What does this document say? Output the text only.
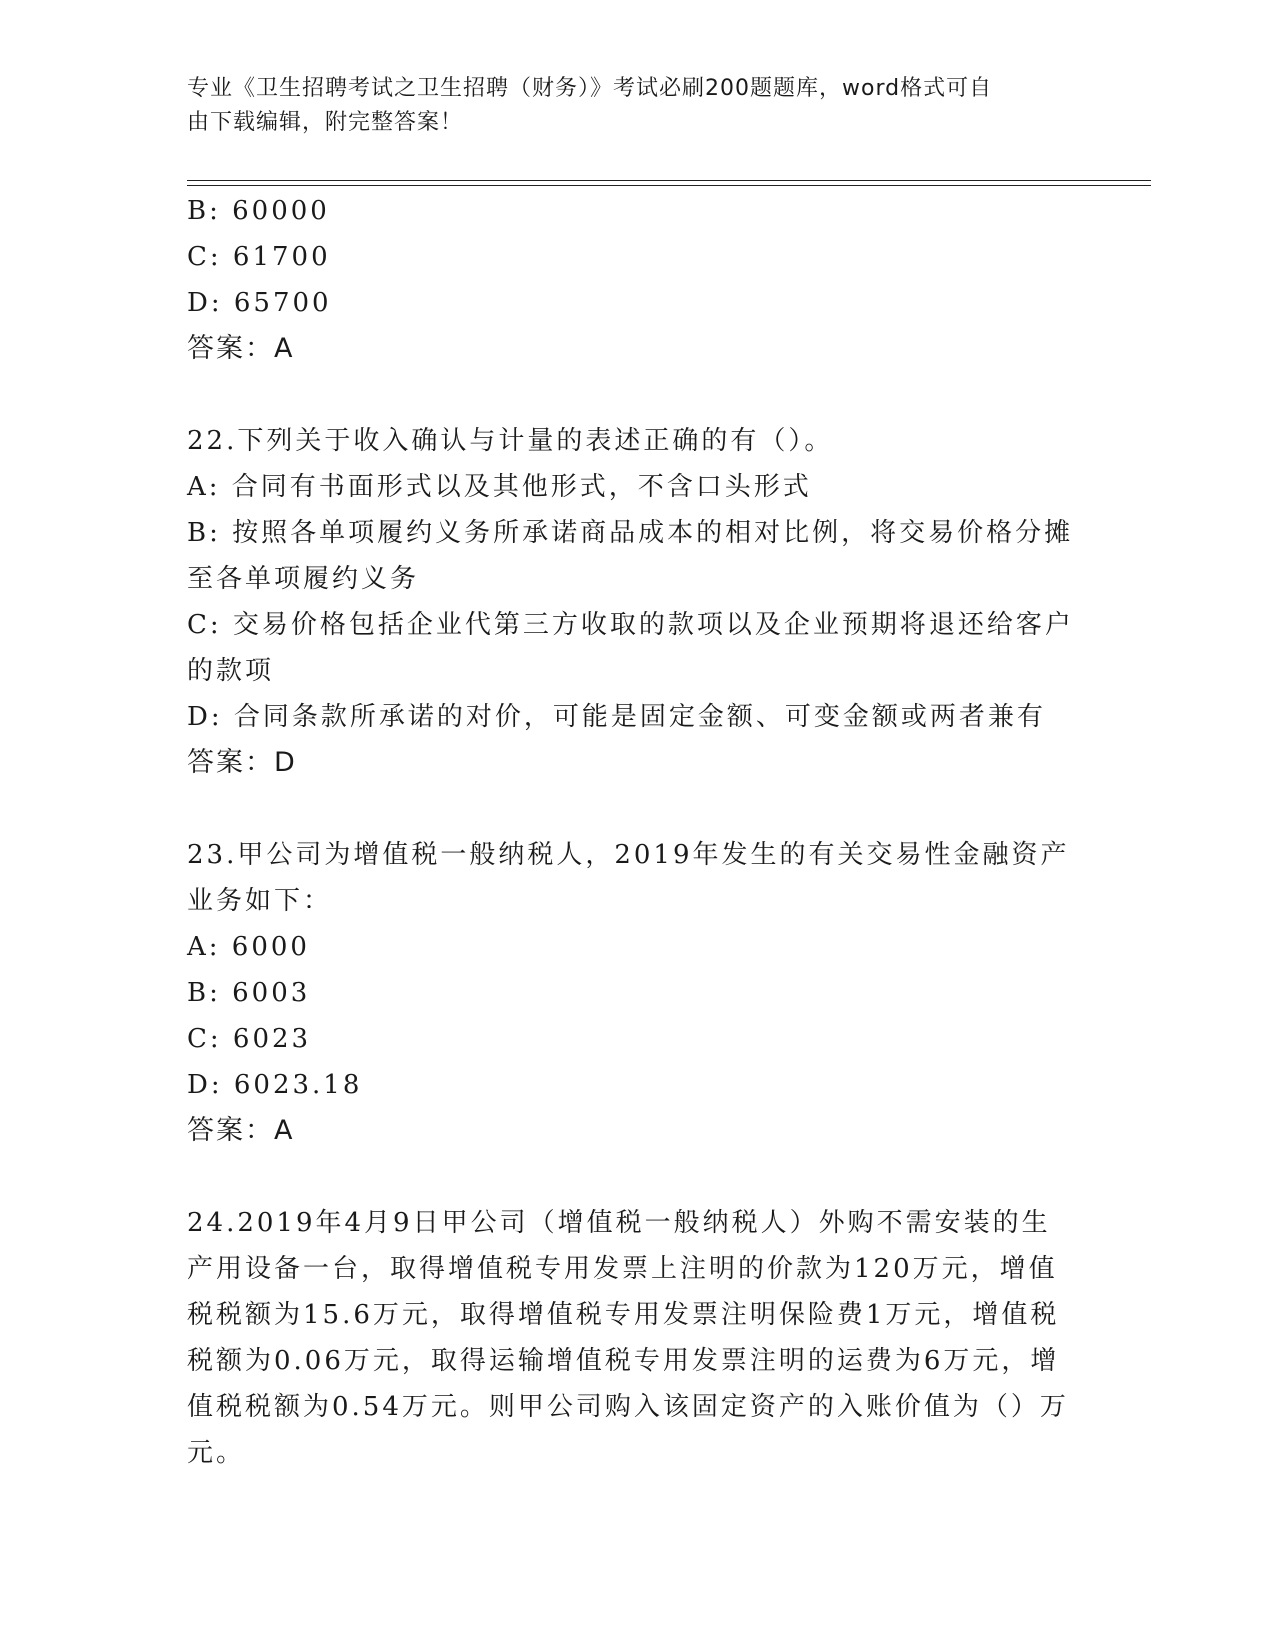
专业《卫生招聘考试之卫生招聘（财务）》考试必刷200题题库，word格式可自
由下载编辑，附完整答案！

B: 60000

C: 61700

D: 65700

答案：A

22.下列关于收入确认与计量的表述正确的有（）。

A: 合同有书面形式以及其他形式，不含口头形式

B: 按照各单项履约义务所承诺商品成本的相对比例，将交易价格分摊至各单项履约义务

C: 交易价格包括企业代第三方收取的款项以及企业预期将退还给客户的款项

D: 合同条款所承诺的对价，可能是固定金额、可变金额或两者兼有

答案：D

23.甲公司为增值税一般纳税人，2019年发生的有关交易性金融资产业务如下：

A: 6000

B: 6003

C: 6023

D: 6023.18

答案：A

24.2019年4月9日甲公司（增值税一般纳税人）外购不需安装的生产用设备一台，取得增值税专用发票上注明的价款为120万元，增值税税额为15.6万元，取得增值税专用发票注明保险费1万元，增值税税额为0.06万元，取得运输增值税专用发票注明的运费为6万元，增值税税额为0.54万元。则甲公司购入该固定资产的入账价值为（）万元。
